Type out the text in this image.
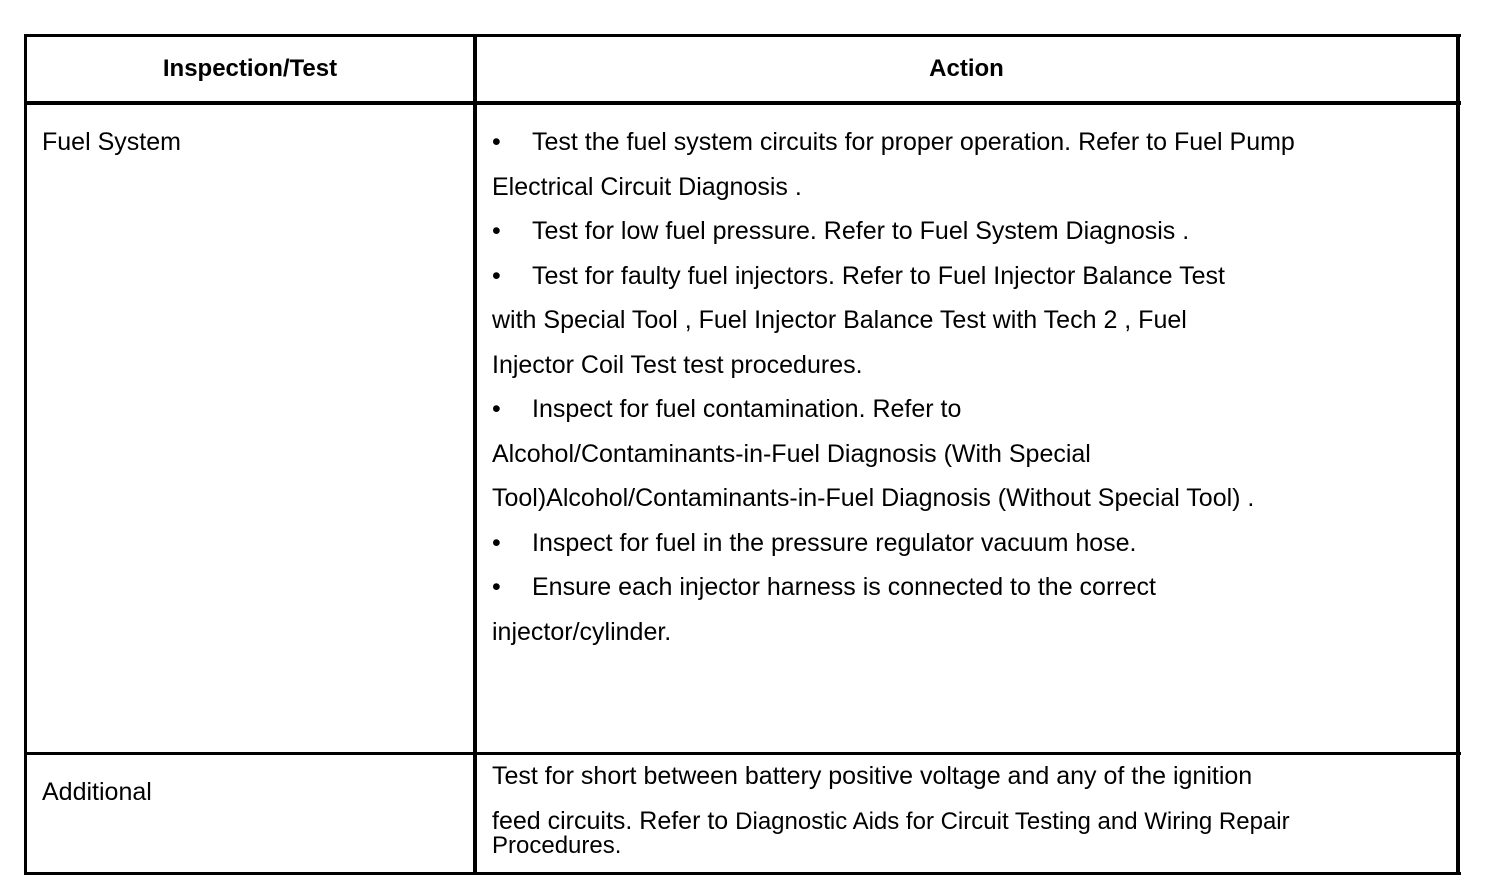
Inspection/Test	Action
Fuel System	• Test the fuel system circuits for proper operation. Refer to Fuel Pump
Electrical Circuit Diagnosis .
• Test for low fuel pressure. Refer to Fuel System Diagnosis .
• Test for faulty fuel injectors. Refer to Fuel Injector Balance Test
with Special Tool , Fuel Injector Balance Test with Tech 2 , Fuel
Injector Coil Test test procedures.
• Inspect for fuel contamination. Refer to
Alcohol/Contaminants-in-Fuel Diagnosis (With Special
Tool)Alcohol/Contaminants-in-Fuel Diagnosis (Without Special Tool) .
• Inspect for fuel in the pressure regulator vacuum hose.
• Ensure each injector harness is connected to the correct
injector/cylinder.
Additional
Test for short between battery positive voltage and any of the ignition
feed circuits. Refer to Diagnostic Aids for Circuit Testing and Wiring Repair
Procedures.
